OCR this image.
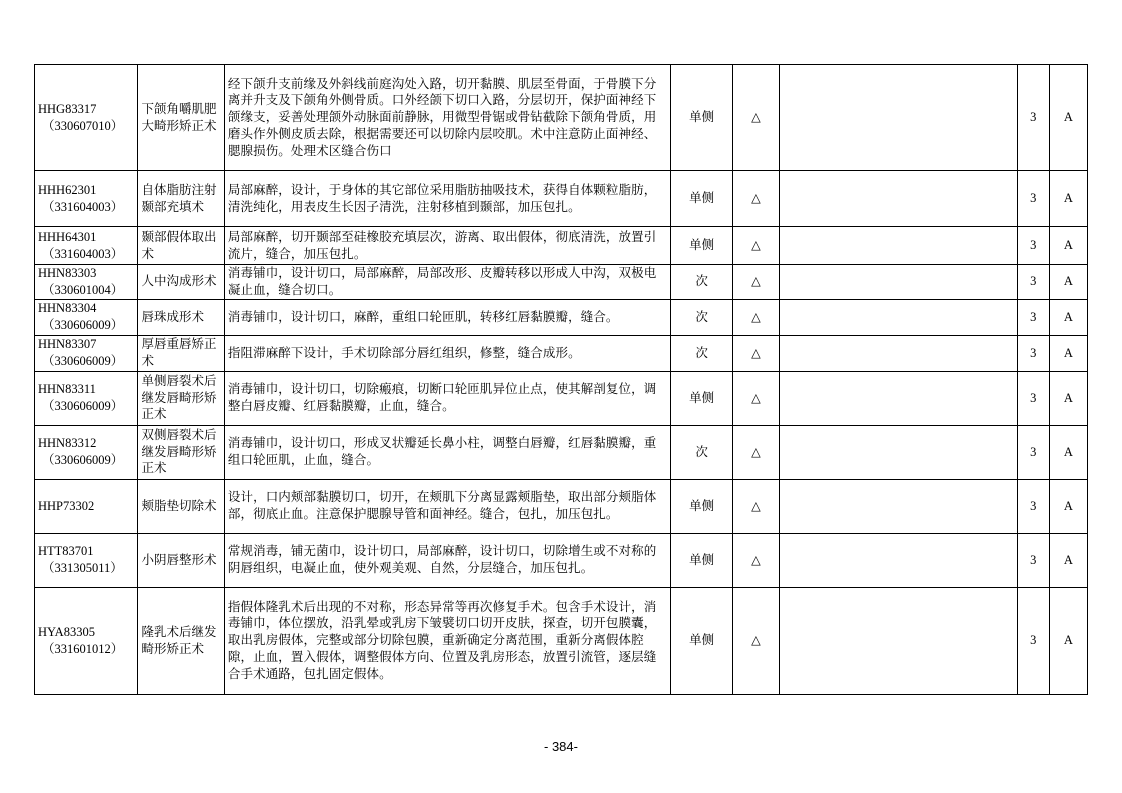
HHG83317
（330607010）	下颌角嚼肌肥大畸形矫正术	经下颌升支前缘及外斜线前庭沟处入路，切开黏膜、肌层至骨面，于骨膜下分离并升支及下颌角外侧骨质。口外经颌下切口入路，分层切开，保护面神经下颌缘支，妥善处理颌外动脉面前静脉，用微型骨锯或骨钻截除下颌角骨质，用磨头作外侧皮质去除，根据需要还可以切除内层咬肌。术中注意防止面神经、腮腺损伤。处理术区缝合伤口	单侧	△		3	A

HHH62301
（331604003）	自体脂肪注射颞部充填术	局部麻醉，设计，于身体的其它部位采用脂肪抽吸技术，获得自体颗粒脂肪，清洗纯化，用表皮生长因子清洗，注射移植到颞部，加压包扎。	单侧	△		3	A

HHH64301
（331604003）	颞部假体取出术	局部麻醉，切开颞部至硅橡胶充填层次，游离、取出假体，彻底清洗，放置引流片，缝合，加压包扎。	单侧	△		3	A

HHN83303
（330601004）	人中沟成形术	消毒铺巾，设计切口，局部麻醉，局部改形、皮瓣转移以形成人中沟，双极电凝止血，缝合切口。	次	△		3	A

HHN83304
（330606009）	唇珠成形术	消毒铺巾，设计切口，麻醉，重组口轮匝肌，转移红唇黏膜瓣，缝合。	次	△		3	A

HHN83307
（330606009）	厚唇重唇矫正术	指阻滞麻醉下设计，手术切除部分唇红组织，修整，缝合成形。	次	△		3	A

HHN83311
（330606009）	单侧唇裂术后继发唇畸形矫正术	消毒铺巾，设计切口，切除瘢痕，切断口轮匝肌异位止点，使其解剖复位，调整白唇皮瓣、红唇黏膜瓣，止血，缝合。	单侧	△		3	A

HHN83312
（330606009）	双侧唇裂术后继发唇畸形矫正术	消毒铺巾，设计切口，形成叉状瓣延长鼻小柱，调整白唇瓣，红唇黏膜瓣，重组口轮匝肌，止血，缝合。	次	△		3	A

HHP73302	颊脂垫切除术	设计，口内颊部黏膜切口，切开，在颊肌下分离显露颊脂垫，取出部分颊脂体部，彻底止血。注意保护腮腺导管和面神经。缝合，包扎，加压包扎。	单侧	△		3	A

HTT83701
（331305011）	小阴唇整形术	常规消毒，铺无菌巾，设计切口，局部麻醉，设计切口，切除增生或不对称的阴唇组织，电凝止血，使外观美观、自然，分层缝合，加压包扎。	单侧	△		3	A

HYA83305
（331601012）	隆乳术后继发畸形矫正术	指假体隆乳术后出现的不对称，形态异常等再次修复手术。包含手术设计，消毒铺巾，体位摆放，沿乳晕或乳房下皱襞切口切开皮肤，探查，切开包膜囊，取出乳房假体，完整或部分切除包膜，重新确定分离范围，重新分离假体腔隙，止血，置入假体，调整假体方向、位置及乳房形态，放置引流管，逐层缝合手术通路，包扎固定假体。	单侧	△		3	A
- 384-
